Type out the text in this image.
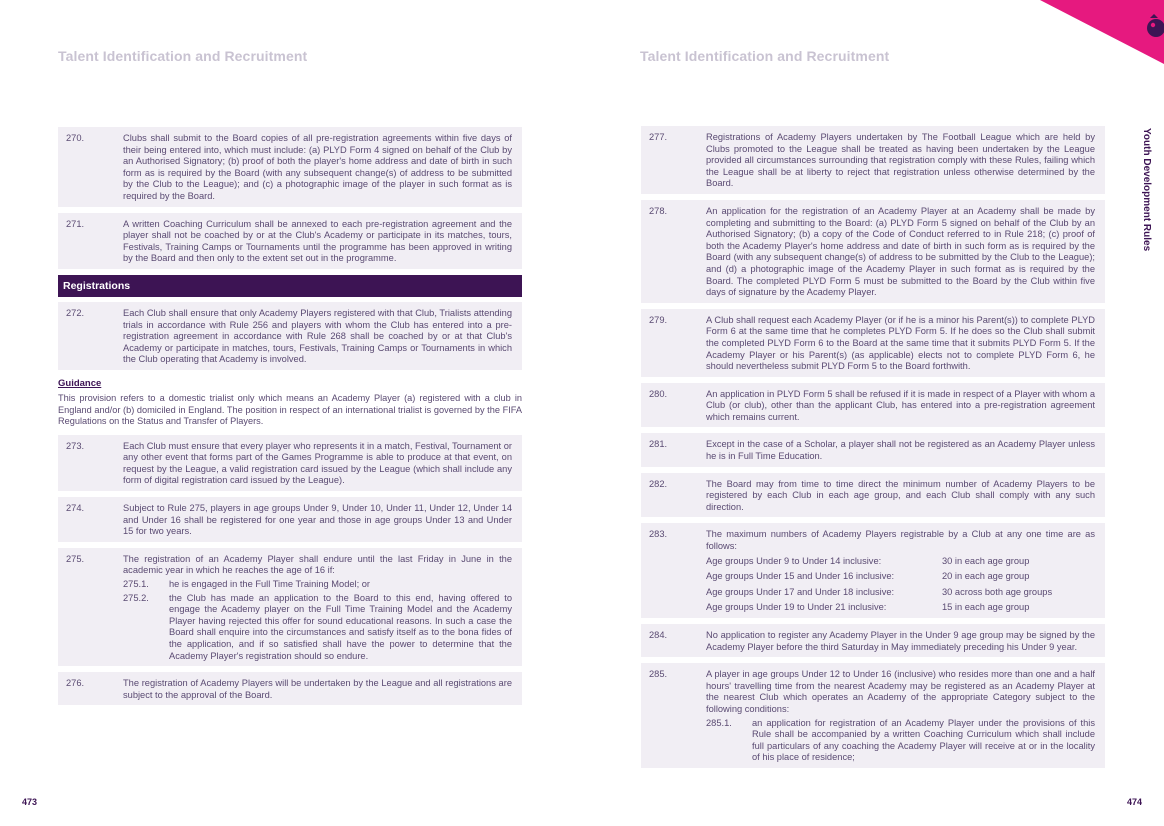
Talent Identification and Recruitment	Talent Identification and Recruitment
Youth Development Rules
270.	Clubs shall submit to the Board copies of all pre-registration agreements within five days of their being entered into, which must include: (a) PLYD Form 4 signed on behalf of the Club by an Authorised Signatory; (b) proof of both the player's home address and date of birth in such form as is required by the Board (with any subsequent change(s) of address to be submitted by the Club to the League); and (c) a photographic image of the player in such format as is required by the Board.
271.	A written Coaching Curriculum shall be annexed to each pre-registration agreement and the player shall not be coached by or at the Club's Academy or participate in its matches, tours, Festivals, Training Camps or Tournaments until the programme has been approved in writing by the Board and then only to the extent set out in the programme.
Registrations
272.	Each Club shall ensure that only Academy Players registered with that Club, Trialists attending trials in accordance with Rule 256 and players with whom the Club has entered into a pre-registration agreement in accordance with Rule 268 shall be coached by or at that Club's Academy or participate in matches, tours, Festivals, Training Camps or Tournaments in which the Club operating that Academy is involved.
Guidance
This provision refers to a domestic trialist only which means an Academy Player (a) registered with a club in England and/or (b) domiciled in England. The position in respect of an international trialist is governed by the FIFA Regulations on the Status and Transfer of Players.
273.	Each Club must ensure that every player who represents it in a match, Festival, Tournament or any other event that forms part of the Games Programme is able to produce at that event, on request by the League, a valid registration card issued by the League (which shall include any form of digital registration card issued by the League).
274.	Subject to Rule 275, players in age groups Under 9, Under 10, Under 11, Under 12, Under 14 and Under 16 shall be registered for one year and those in age groups Under 13 and Under 15 for two years.
275.	The registration of an Academy Player shall endure until the last Friday in June in the academic year in which he reaches the age of 16 if:
275.1.	he is engaged in the Full Time Training Model; or
275.2.	the Club has made an application to the Board to this end, having offered to engage the Academy player on the Full Time Training Model and the Academy Player having rejected this offer for sound educational reasons. In such a case the Board shall enquire into the circumstances and satisfy itself as to the bona fides of the application, and if so satisfied shall have the power to determine that the Academy Player's registration should so endure.
276.	The registration of Academy Players will be undertaken by the League and all registrations are subject to the approval of the Board.
277.	Registrations of Academy Players undertaken by The Football League which are held by Clubs promoted to the League shall be treated as having been undertaken by the League provided all circumstances surrounding that registration comply with these Rules, failing which the League shall be at liberty to reject that registration unless otherwise determined by the Board.
278.	An application for the registration of an Academy Player at an Academy shall be made by completing and submitting to the Board: (a) PLYD Form 5 signed on behalf of the Club by an Authorised Signatory; (b) a copy of the Code of Conduct referred to in Rule 218; (c) proof of both the Academy Player's home address and date of birth in such form as is required by the Board (with any subsequent change(s) of address to be submitted by the Club to the League); and (d) a photographic image of the Academy Player in such format as is required by the Board. The completed PLYD Form 5 must be submitted to the Board by the Club within five days of signature by the Academy Player.
279.	A Club shall request each Academy Player (or if he is a minor his Parent(s)) to complete PLYD Form 6 at the same time that he completes PLYD Form 5. If he does so the Club shall submit the completed PLYD Form 6 to the Board at the same time that it submits PLYD Form 5. If the Academy Player or his Parent(s) (as applicable) elects not to complete PLYD Form 6, he should nevertheless submit PLYD Form 5 to the Board forthwith.
280.	An application in PLYD Form 5 shall be refused if it is made in respect of a Player with whom a Club (or club), other than the applicant Club, has entered into a pre-registration agreement which remains current.
281.	Except in the case of a Scholar, a player shall not be registered as an Academy Player unless he is in Full Time Education.
282.	The Board may from time to time direct the minimum number of Academy Players to be registered by each Club in each age group, and each Club shall comply with any such direction.
283.	The maximum numbers of Academy Players registrable by a Club at any one time are as follows:
Age groups Under 9 to Under 14 inclusive:	30 in each age group
Age groups Under 15 and Under 16 inclusive:	20 in each age group
Age groups Under 17 and Under 18 inclusive:	30 across both age groups
Age groups Under 19 to Under 21 inclusive:	15 in each age group
284.	No application to register any Academy Player in the Under 9 age group may be signed by the Academy Player before the third Saturday in May immediately preceding his Under 9 year.
285.	A player in age groups Under 12 to Under 16 (inclusive) who resides more than one and a half hours' travelling time from the nearest Academy may be registered as an Academy Player at the nearest Club which operates an Academy of the appropriate Category subject to the following conditions:
285.1.	an application for registration of an Academy Player under the provisions of this Rule shall be accompanied by a written Coaching Curriculum which shall include full particulars of any coaching the Academy Player will receive at or in the locality of his place of residence;
473	474
